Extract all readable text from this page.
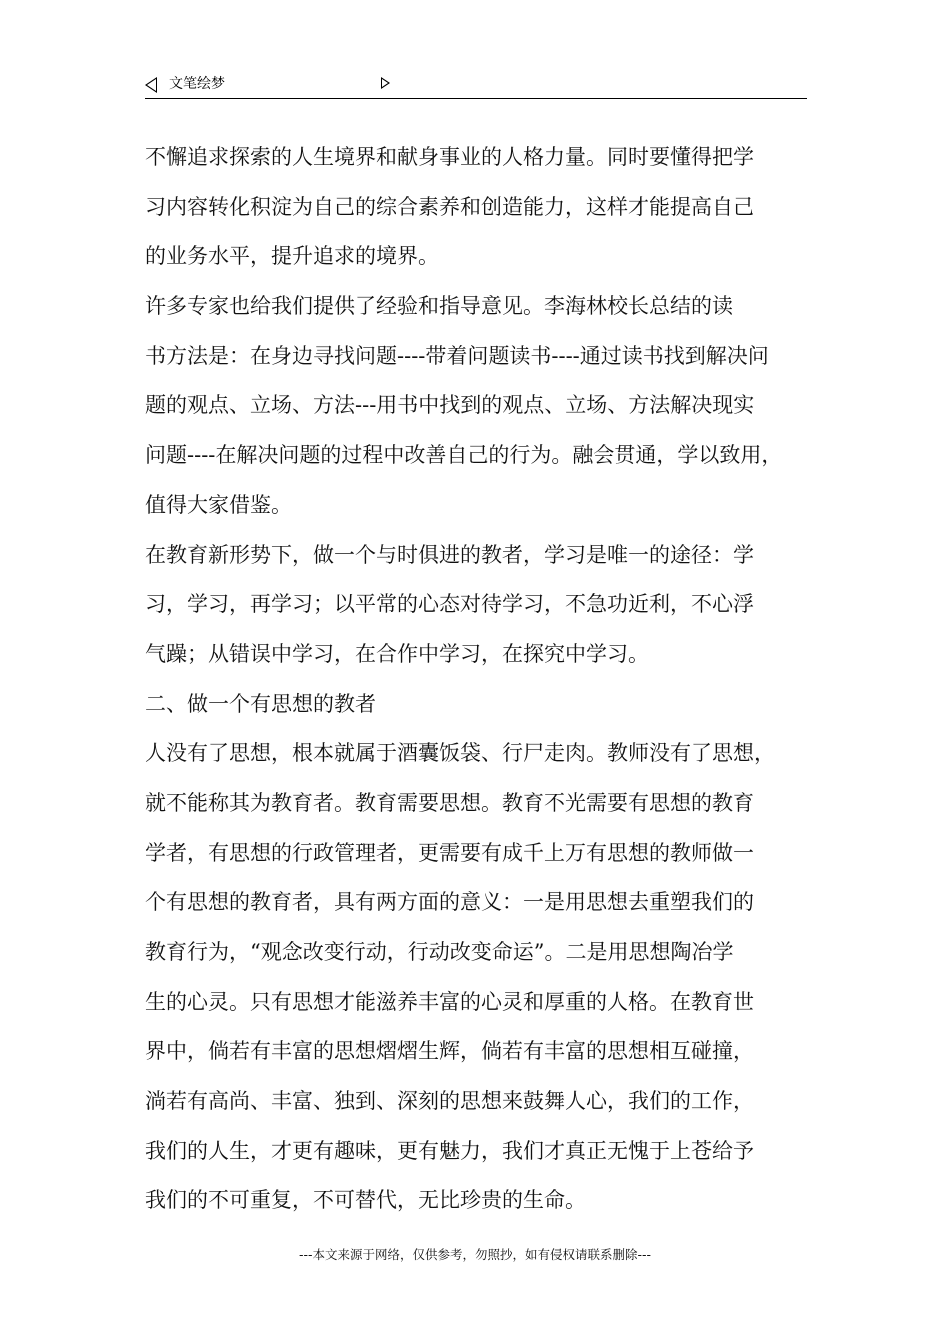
文笔绘梦
不懈追求探索的人生境界和献身事业的人格力量。同时要懂得把学
习内容转化积淀为自己的综合素养和创造能力，这样才能提高自己
的业务水平，提升追求的境界。
许多专家也给我们提供了经验和指导意见。李海林校长总结的读
书方法是：在身边寻找问题----带着问题读书----通过读书找到解决问
题的观点、立场、方法---用书中找到的观点、立场、方法解决现实
问题----在解决问题的过程中改善自己的行为。融会贯通，学以致用，
值得大家借鉴。
在教育新形势下，做一个与时俱进的教者，学习是唯一的途径：学
习，学习，再学习；以平常的心态对待学习，不急功近利，不心浮
气躁；从错误中学习，在合作中学习，在探究中学习。
二、做一个有思想的教者
人没有了思想，根本就属于酒囊饭袋、行尸走肉。教师没有了思想，
就不能称其为教育者。教育需要思想。教育不光需要有思想的教育
学者，有思想的行政管理者，更需要有成千上万有思想的教师做一
个有思想的教育者，具有两方面的意义：一是用思想去重塑我们的
教育行为，“观念改变行动，行动改变命运”。二是用思想陶冶学
生的心灵。只有思想才能滋养丰富的心灵和厚重的人格。在教育世
界中，倘若有丰富的思想熠熠生辉，倘若有丰富的思想相互碰撞，
淌若有高尚、丰富、独到、深刻的思想来鼓舞人心，我们的工作，
我们的人生，才更有趣味，更有魅力，我们才真正无愧于上苍给予
我们的不可重复，不可替代，无比珍贵的生命。
---本文来源于网络，仅供参考，勿照抄，如有侵权请联系删除---
